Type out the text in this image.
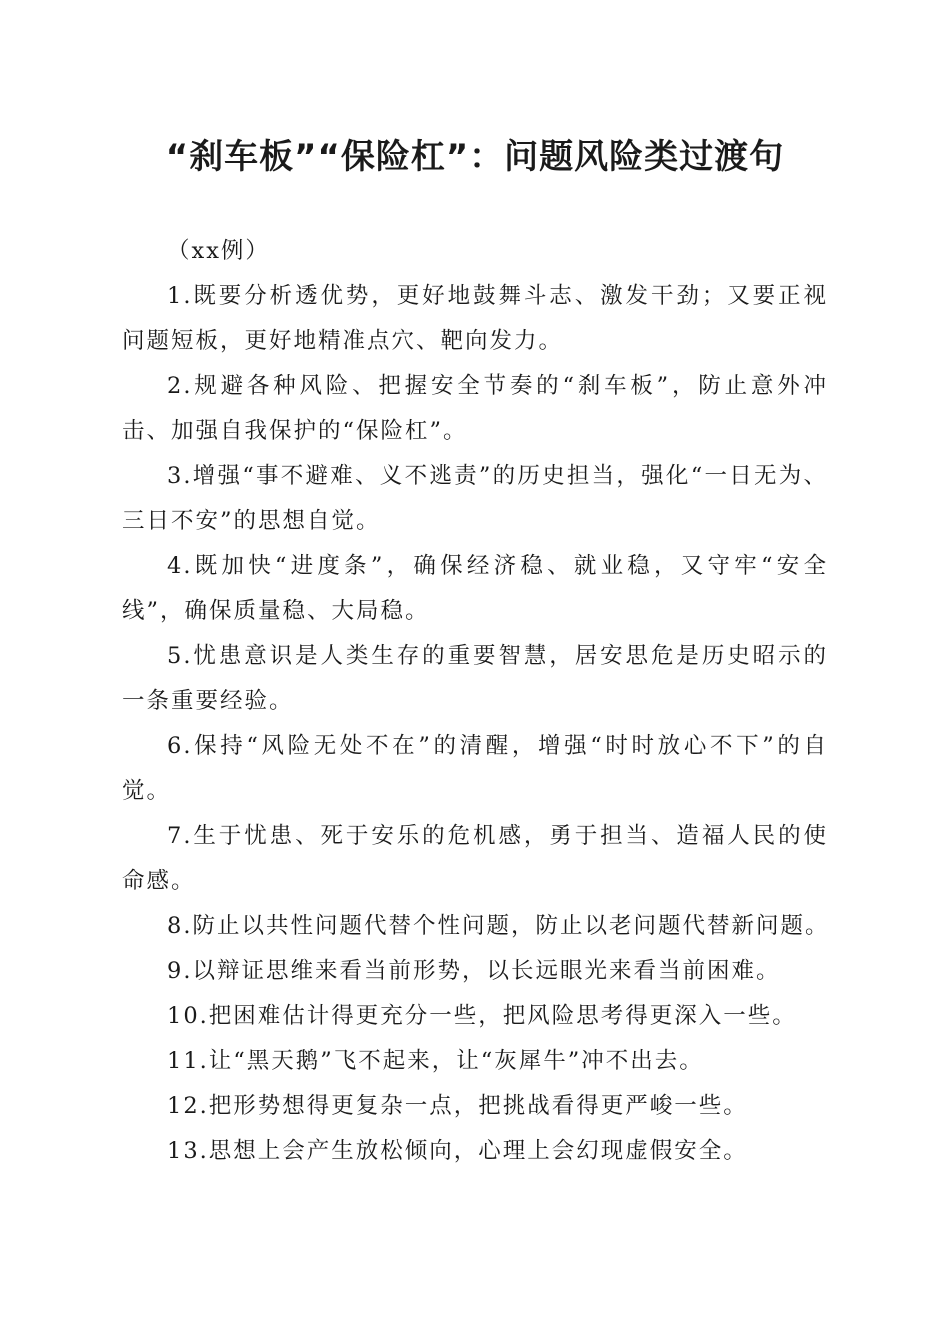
“刹车板”“保险杠”：问题风险类过渡句

（xx例）

1.既要分析透优势，更好地鼓舞斗志、激发干劲；又要正视问题短板，更好地精准点穴、靶向发力。

2.规避各种风险、把握安全节奏的“刹车板”，防止意外冲击、加强自我保护的“保险杠”。

3.增强“事不避难、义不逃责”的历史担当，强化“一日无为、三日不安”的思想自觉。

4.既加快“进度条”，确保经济稳、就业稳，又守牢“安全线”，确保质量稳、大局稳。

5.忧患意识是人类生存的重要智慧，居安思危是历史昭示的一条重要经验。

6.保持“风险无处不在”的清醒，增强“时时放心不下”的自觉。

7.生于忧患、死于安乐的危机感，勇于担当、造福人民的使命感。

8.防止以共性问题代替个性问题，防止以老问题代替新问题。

9.以辩证思维来看当前形势，以长远眼光来看当前困难。

10.把困难估计得更充分一些，把风险思考得更深入一些。

11.让“黑天鹅”飞不起来，让“灰犀牛”冲不出去。

12.把形势想得更复杂一点，把挑战看得更严峻一些。

13.思想上会产生放松倾向，心理上会幻现虚假安全。
